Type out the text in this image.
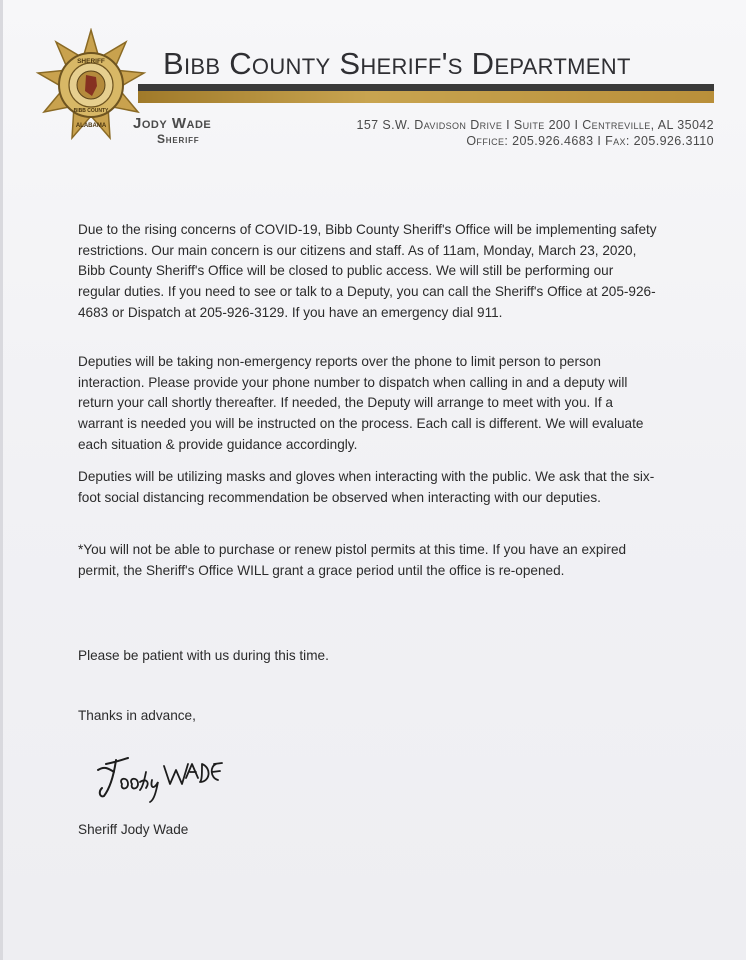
SHERIFF
BIBB COUNTY
ALABAMA
Bibb County Sheriff's Department
Jody Wade
Sheriff
157 S.W. Davidson Drive I Suite 200 I Centreville, AL 35042
Office: 205.926.4683 I Fax: 205.926.3110
Due to the rising concerns of COVID-19, Bibb County Sheriff's Office will be implementing safety restrictions. Our main concern is our citizens and staff. As of 11am, Monday, March 23, 2020, Bibb County Sheriff's Office will be closed to public access. We will still be performing our regular duties. If you need to see or talk to a Deputy, you can call the Sheriff's Office at 205-926-4683 or Dispatch at 205-926-3129. If you have an emergency dial 911.
Deputies will be taking non-emergency reports over the phone to limit person to person interaction. Please provide your phone number to dispatch when calling in and a deputy will return your call shortly thereafter. If needed, the Deputy will arrange to meet with you. If a warrant is needed you will be instructed on the process. Each call is different. We will evaluate each situation & provide guidance accordingly.
Deputies will be utilizing masks and gloves when interacting with the public. We ask that the six-foot social distancing recommendation be observed when interacting with our deputies.
*You will not be able to purchase or renew pistol permits at this time. If you have an expired permit, the Sheriff's Office WILL grant a grace period until the office is re-opened.
Please be patient with us during this time.
Thanks in advance,
Sheriff Jody Wade
